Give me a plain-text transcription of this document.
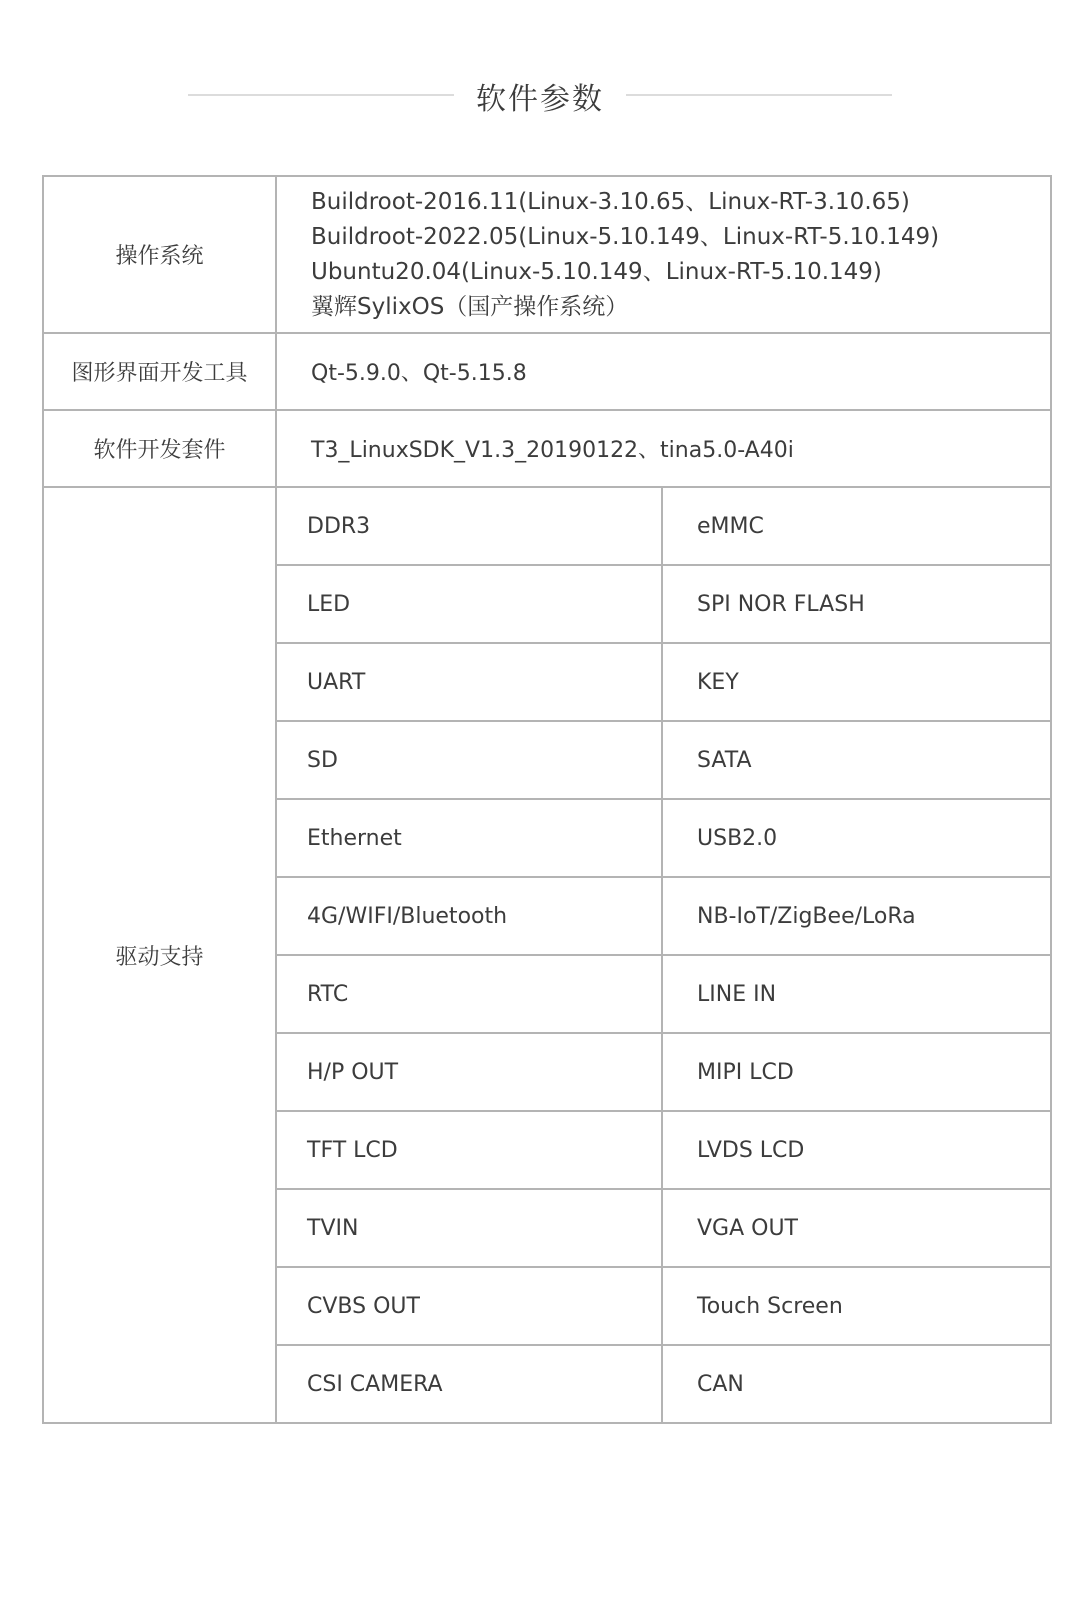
软件参数
操作系统	Buildroot-2016.11(Linux-3.10.65、Linux-RT-3.10.65)
Buildroot-2022.05(Linux-5.10.149、Linux-RT-5.10.149)
Ubuntu20.04(Linux-5.10.149、Linux-RT-5.10.149)
翼辉SylixOS（国产操作系统）	

图形界面开发工具	Qt-5.9.0、Qt-5.15.8	
软件开发套件	T3_LinuxSDK_V1.3_20190122、tina5.0-A40i	
驱动支持	DDR3	eMMC
	LED	SPI NOR FLASH
	UART	KEY
	SD	SATA
	Ethernet	USB2.0
	4G/WIFI/Bluetooth	NB-IoT/ZigBee/LoRa
	RTC	LINE IN
	H/P OUT	MIPI LCD
	TFT LCD	LVDS LCD
	TVIN	VGA OUT
	CVBS OUT	Touch Screen
	CSI CAMERA	CAN
